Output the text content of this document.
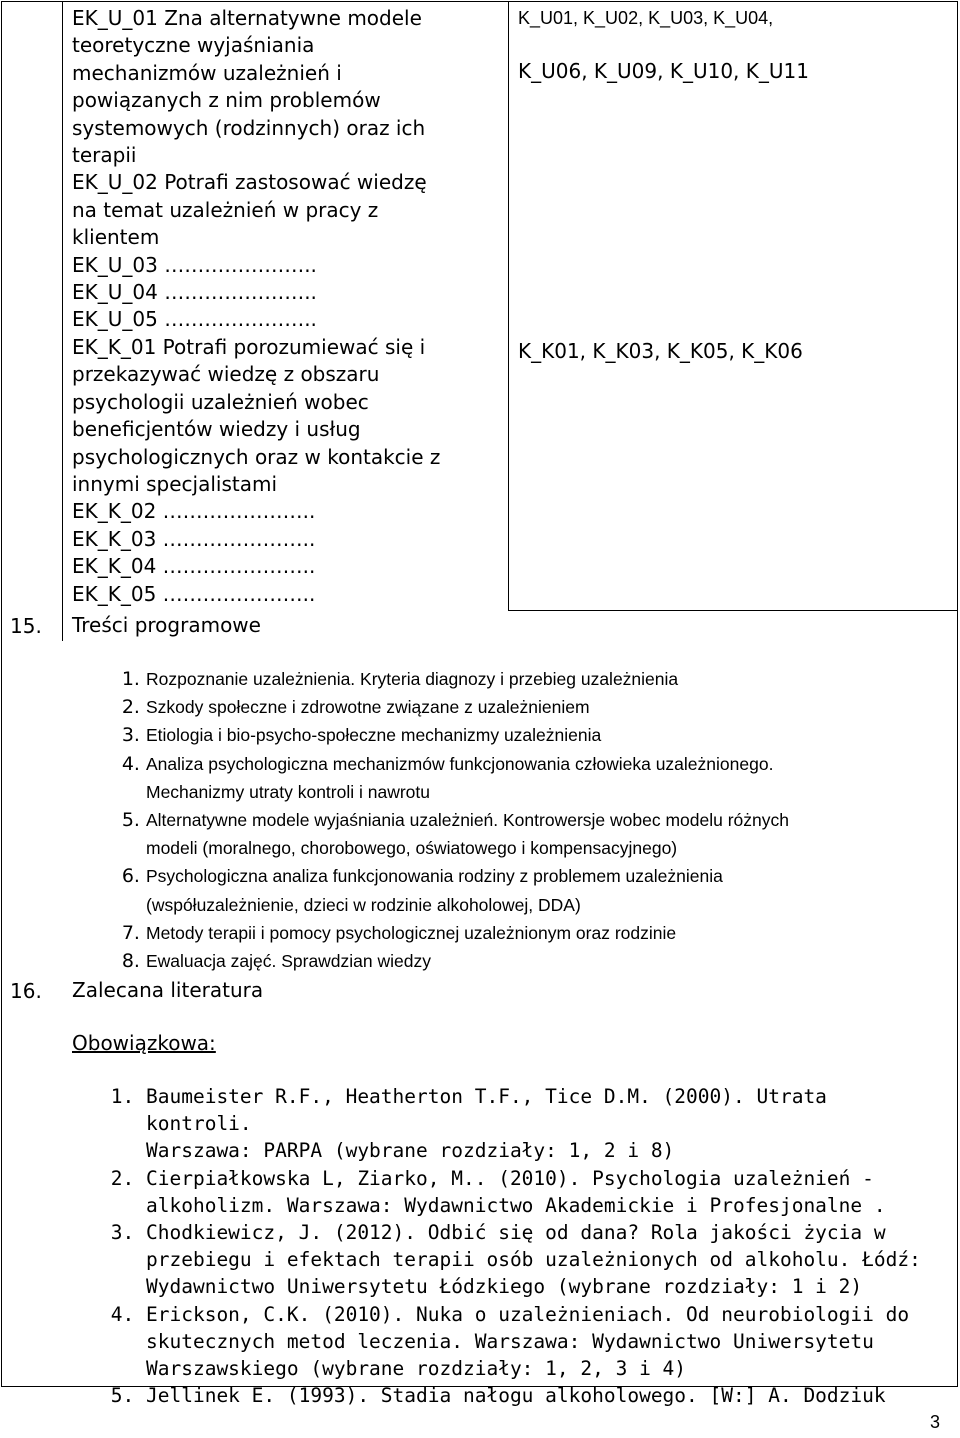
EK_U_01 Zna alternatywne modele
teoretyczne wyjaśniania
mechanizmów uzależnień i
powiązanych z nim problemów
systemowych (rodzinnych) oraz ich
terapii
EK_U_02 Potrafi zastosować wiedzę
na temat uzależnień w pracy z
klientem
EK_U_03 …………………..
EK_U_04 …………………..
EK_U_05 …………………..
EK_K_01 Potrafi porozumiewać się i
przekazywać wiedzę z obszaru
psychologii uzależnień wobec
beneficjentów wiedzy i usług
psychologicznych oraz w kontakcie z
innymi specjalistami
EK_K_02 …………………..
EK_K_03 …………………..
EK_K_04 …………………..
EK_K_05 …………………..
K_U01, K_U02, K_U03, K_U04,
K_U06, K_U09, K_U10, K_U11
K_K01, K_K03, K_K05, K_K06
15. Treści programowe
1. Rozpoznanie uzależnienia. Kryteria diagnozy i przebieg uzależnienia
2. Szkody społeczne i zdrowotne związane z uzależnieniem
3. Etiologia i bio-psycho-społeczne mechanizmy uzależnienia
4. Analiza psychologiczna mechanizmów funkcjonowania człowieka uzależnionego.
Mechanizmy utraty kontroli i nawrotu
5. Alternatywne modele wyjaśniania uzależnień. Kontrowersje wobec modelu różnych
modeli (moralnego, chorobowego, oświatowego i kompensacyjnego)
6. Psychologiczna analiza funkcjonowania rodziny z problemem uzależnienia
(współuzależnienie, dzieci w rodzinie alkoholowej, DDA)
7. Metody terapii i pomocy psychologicznej uzależnionym oraz rodzinie
8. Ewaluacja zajęć. Sprawdzian wiedzy
16. Zalecana literatura
Obowiązkowa:
1. Baumeister R.F., Heatherton T.F., Tice D.M. (2000). Utrata kontroli.
Warszawa: PARPA (wybrane rozdziały: 1, 2 i 8)
2. Cierpiałkowska L, Ziarko, M.. (2010). Psychologia uzależnień -
alkoholizm. Warszawa: Wydawnictwo Akademickie i Profesjonalne .
3. Chodkiewicz, J. (2012). Odbić się od dana? Rola jakości życia w
przebiegu i efektach terapii osób uzależnionych od alkoholu. Łódź:
Wydawnictwo Uniwersytetu Łódzkiego (wybrane rozdziały: 1 i 2)
4. Erickson, C.K. (2010). Nuka o uzależnieniach. Od neurobiologii do
skutecznych metod leczenia. Warszawa: Wydawnictwo Uniwersytetu
Warszawskiego (wybrane rozdziały: 1, 2, 3 i 4)
5. Jellinek E. (1993). Stadia nałogu alkoholowego. [W:] A. Dodziuk
3
